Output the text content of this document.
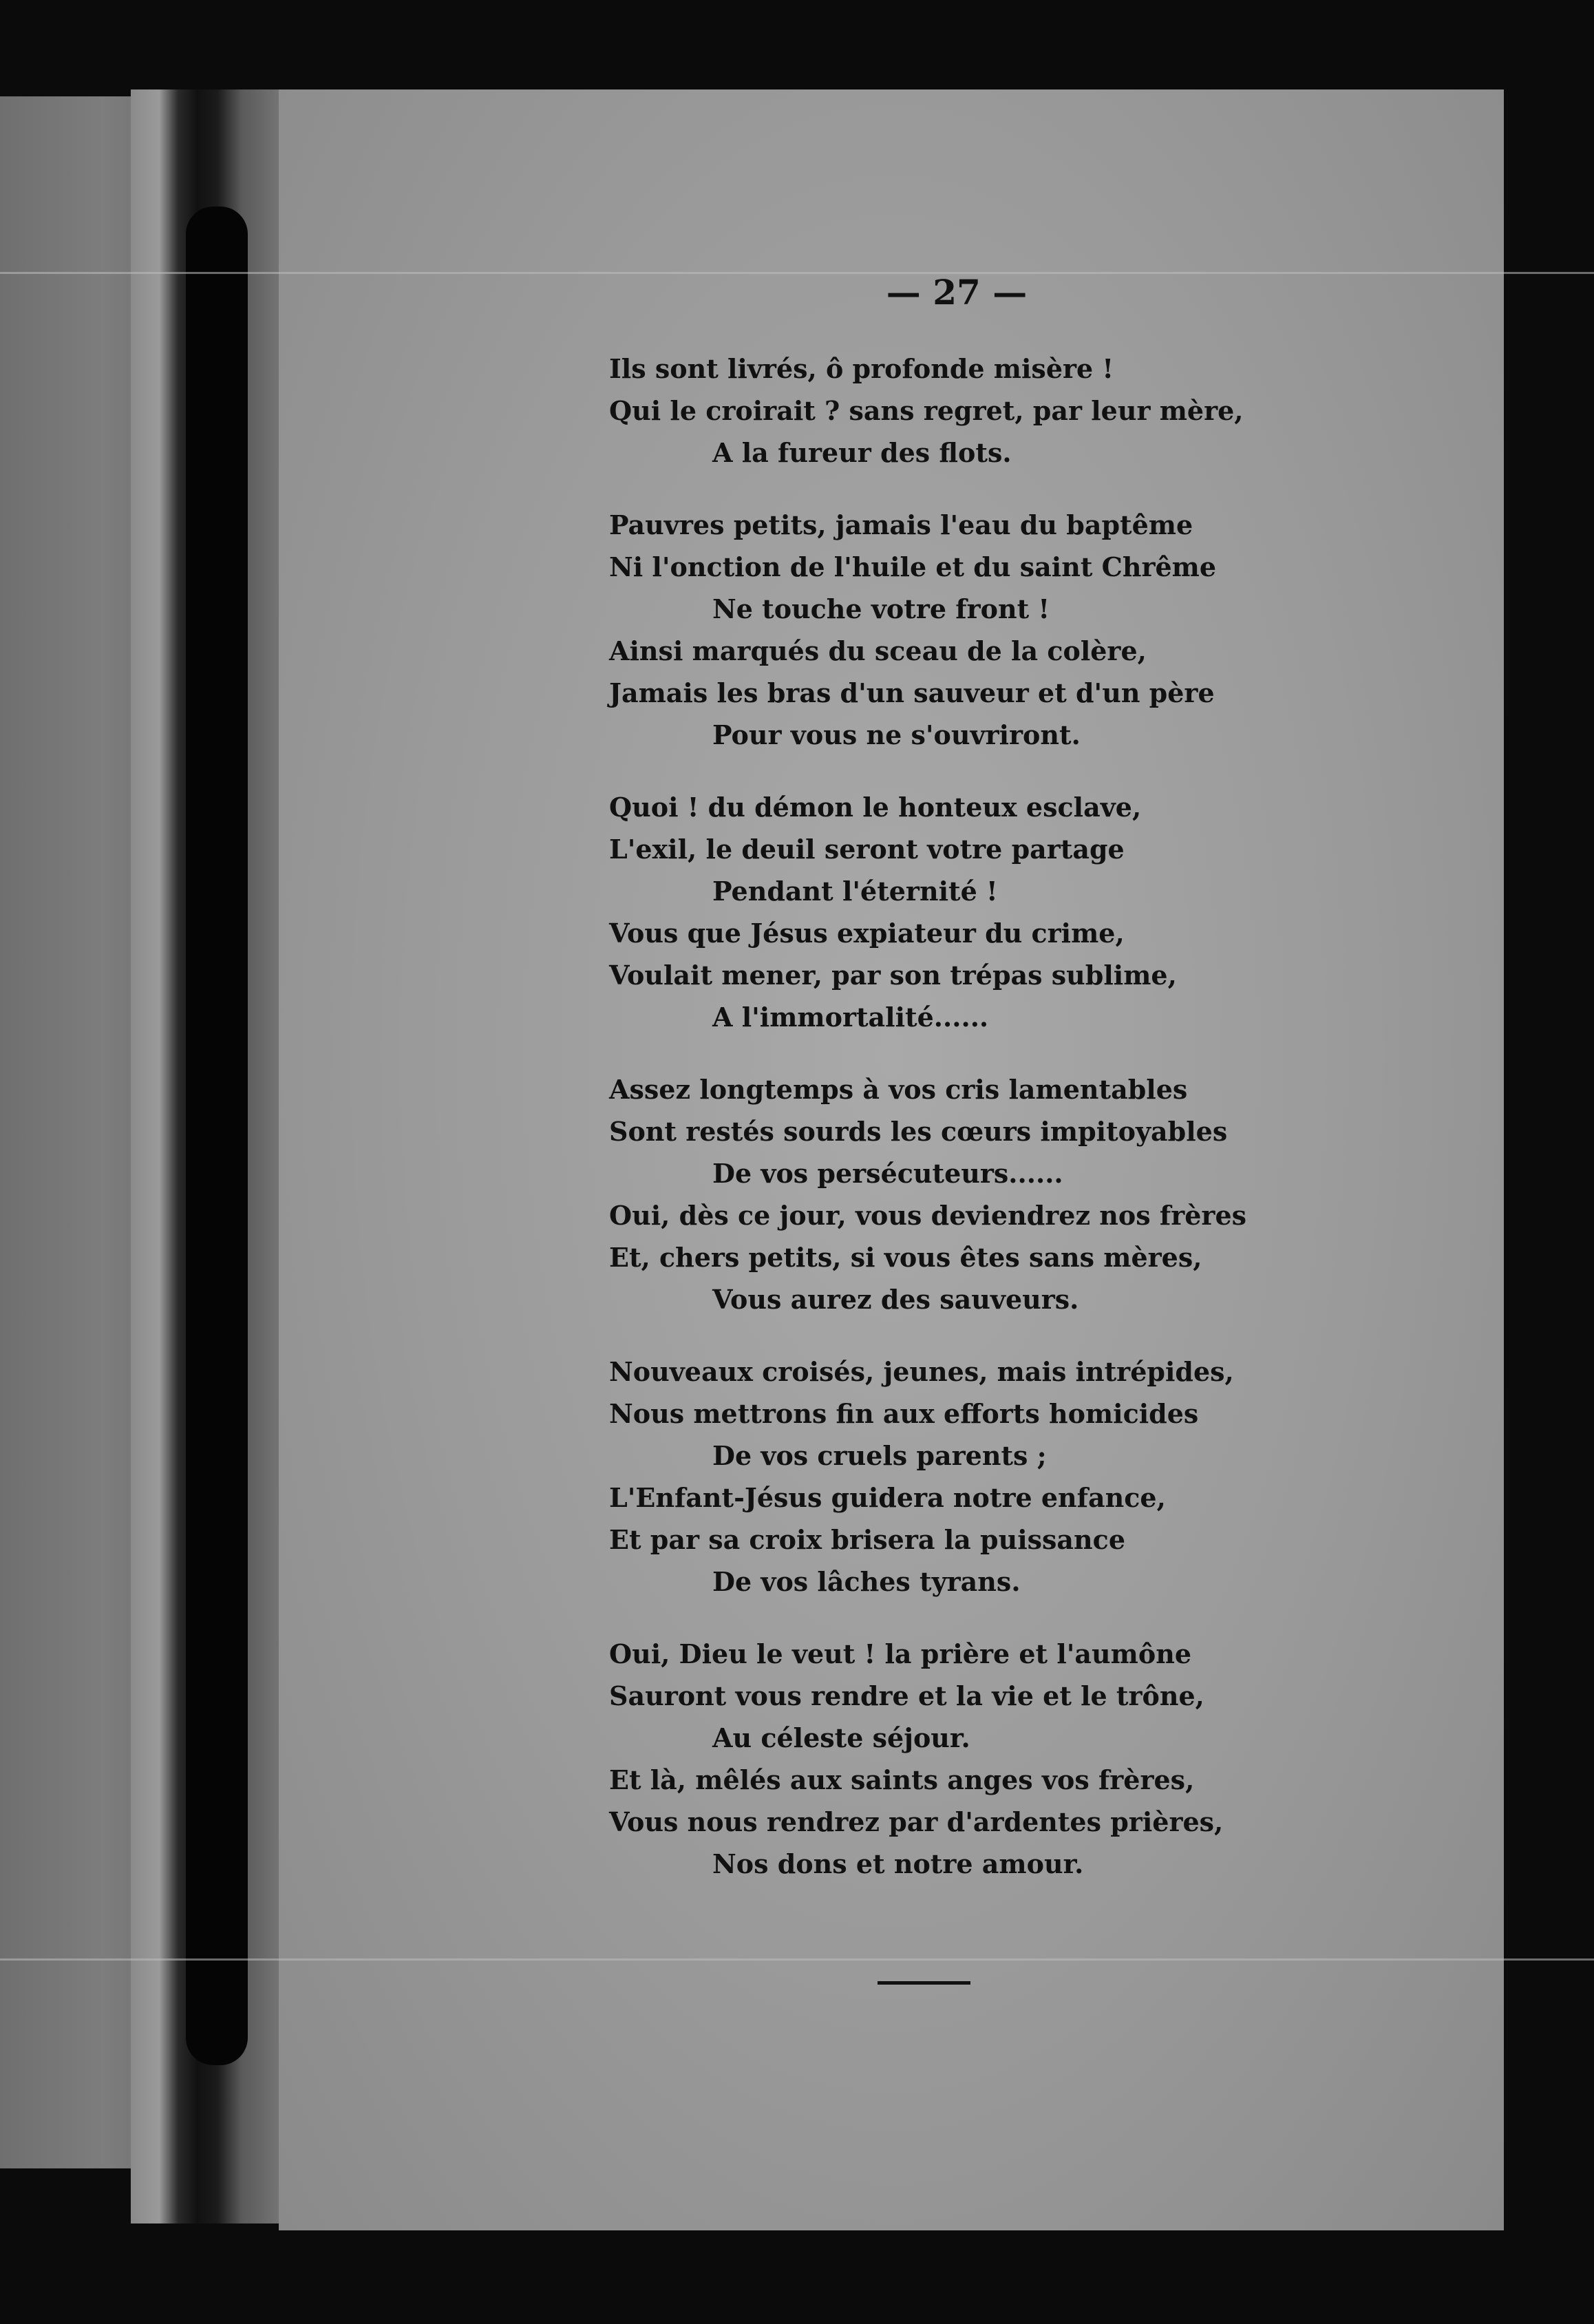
— 27 —
Ils sont livrés, ô profonde misère !
Qui le croirait ? sans regret, par leur mère,
A la fureur des flots.
Pauvres petits, jamais l'eau du baptême
Ni l'onction de l'huile et du saint Chrême
Ne touche votre front !
Ainsi marqués du sceau de la colère,
Jamais les bras d'un sauveur et d'un père
Pour vous ne s'ouvriront.
Quoi ! du démon le honteux esclave,
L'exil, le deuil seront votre partage
Pendant l'éternité !
Vous que Jésus expiateur du crime,
Voulait mener, par son trépas sublime,
A l'immortalité......
Assez longtemps à vos cris lamentables
Sont restés sourds les cœurs impitoyables
De vos persécuteurs......
Oui, dès ce jour, vous deviendrez nos frères
Et, chers petits, si vous êtes sans mères,
Vous aurez des sauveurs.
Nouveaux croisés, jeunes, mais intrépides,
Nous mettrons fin aux efforts homicides
De vos cruels parents ;
L'Enfant-Jésus guidera notre enfance,
Et par sa croix brisera la puissance
De vos lâches tyrans.
Oui, Dieu le veut ! la prière et l'aumône
Sauront vous rendre et la vie et le trône,
Au céleste séjour.
Et là, mêlés aux saints anges vos frères,
Vous nous rendrez par d'ardentes prières,
Nos dons et notre amour.
